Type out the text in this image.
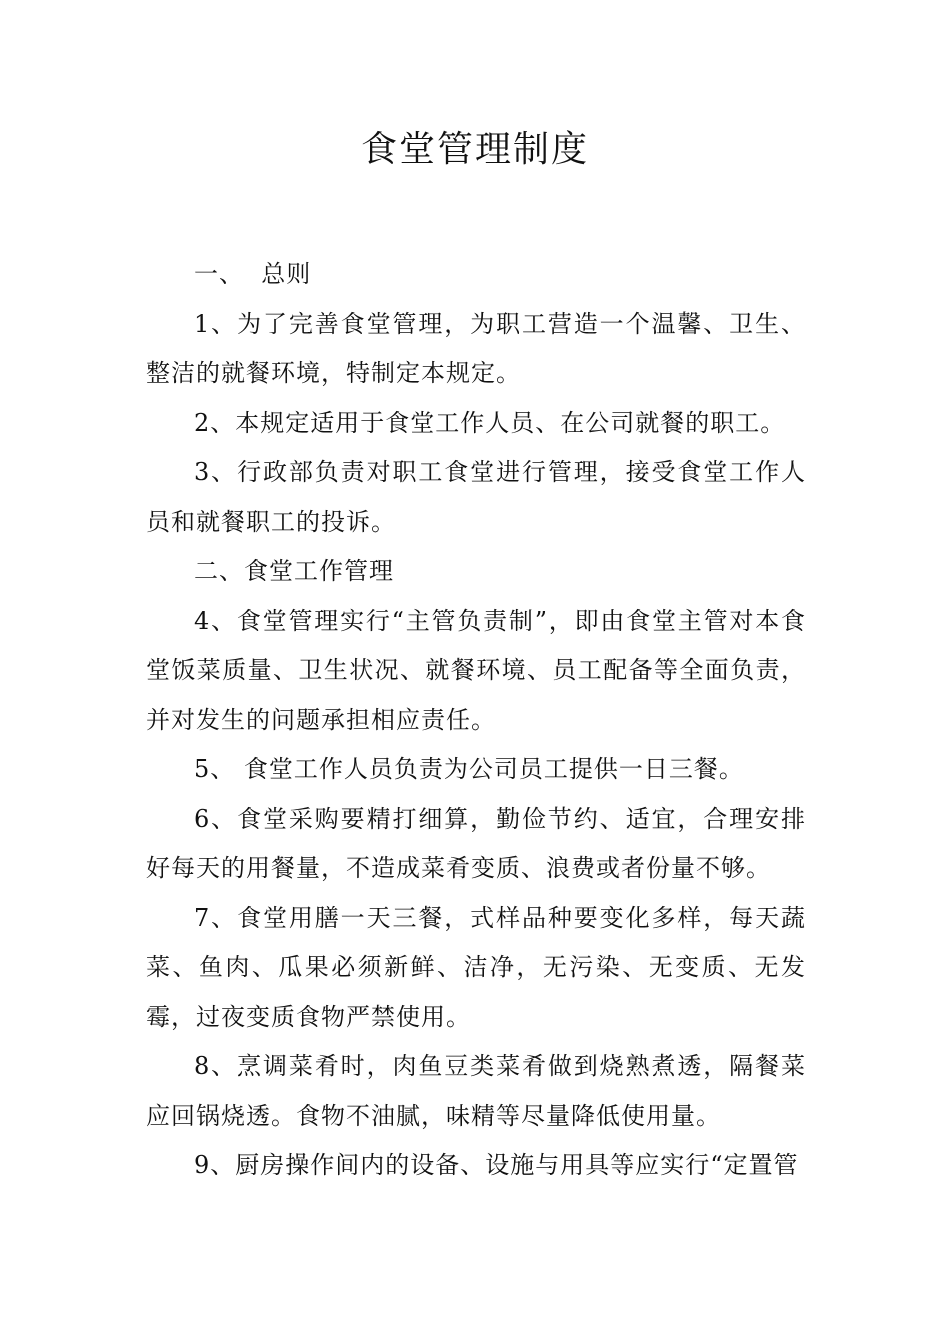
食堂管理制度

一、  总则

1、为了完善食堂管理，为职工营造一个温馨、卫生、整洁的就餐环境，特制定本规定。

2、本规定适用于食堂工作人员、在公司就餐的职工。

3、行政部负责对职工食堂进行管理，接受食堂工作人员和就餐职工的投诉。

二、食堂工作管理

4、食堂管理实行“主管负责制”，即由食堂主管对本食堂饭菜质量、卫生状况、就餐环境、员工配备等全面负责，并对发生的问题承担相应责任。

5、 食堂工作人员负责为公司员工提供一日三餐。

6、食堂采购要精打细算，勤俭节约、适宜，合理安排好每天的用餐量，不造成菜肴变质、浪费或者份量不够。

7、食堂用膳一天三餐，式样品种要变化多样，每天蔬菜、鱼肉、瓜果必须新鲜、洁净，无污染、无变质、无发霉，过夜变质食物严禁使用。

8、烹调菜肴时，肉鱼豆类菜肴做到烧熟煮透，隔餐菜应回锅烧透。食物不油腻，味精等尽量降低使用量。

9、厨房操作间内的设备、设施与用具等应实行“定置管
